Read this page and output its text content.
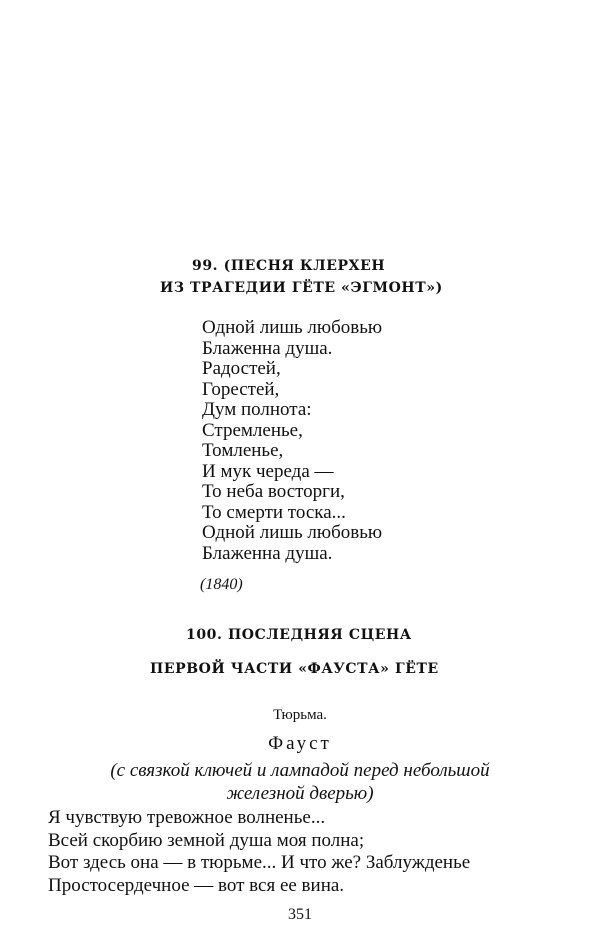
99. (ПЕСНЯ КЛЕРХЕН
ИЗ ТРАГЕДИИ ГЁТЕ «ЭГМОНТ»)
Одной лишь любовью
Блаженна душа.
Радостей,
Горестей,
Дум полнота:
Стремленье,
Томленье,
И мук череда —
То неба восторги,
То смерти тоска...
Одной лишь любовью
Блаженна душа.
(1840)
100. ПОСЛЕДНЯЯ СЦЕНА
ПЕРВОЙ ЧАСТИ «ФАУСТА» ГЁТЕ
Тюрьма.
Фауст
(с связкой ключей и лампадой перед небольшой
железной дверью)
Я чувствую тревожное волненье...
Всей скорбию земной душа моя полна;
Вот здесь она — в тюрьме... И что же? Заблужденье
Простосердечное — вот вся ее вина.
351
